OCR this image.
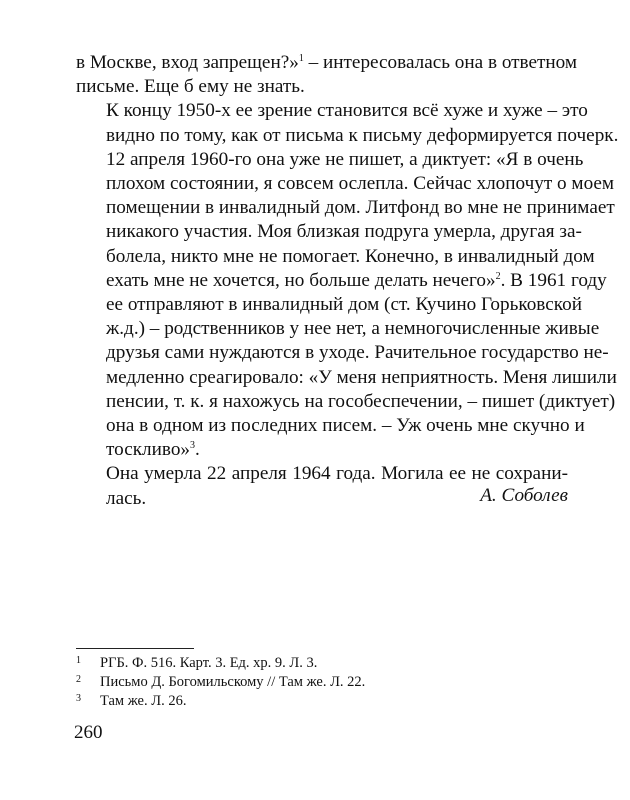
в Москве, вход запрещен?»$^1$ – интересовалась она в ответном
письме. Еще б ему не знать.

К концу 1950-х ее зрение становится всё хуже и хуже – это
видно по тому, как от письма к письму деформируется почерк.
12 апреля 1960-го она уже не пишет, а диктует: «Я в очень
плохом состоянии, я совсем ослепла. Сейчас хлопочут о моем
помещении в инвалидный дом. Литфонд во мне не принимает
никакого участия. Моя близкая подруга умерла, другая за-
болела, никто мне не помогает. Конечно, в инвалидный дом
ехать мне не хочется, но больше делать нечего»$^2$. В 1961 году
ее отправляют в инвалидный дом (ст. Кучино Горьковской
ж.д.) – родственников у нее нет, а немногочисленные живые
друзья сами нуждаются в уходе. Рачительное государство не-
медленно среагировало: «У меня неприятность. Меня лишили
пенсии, т. к. я нахожусь на гособеспечении, – пишет (диктует)
она в одном из последних писем. – Уж очень мне скучно и
тоскливо»$^3$.

Она умерла 22 апреля 1964 года. Могила ее не сохрани-
лась.	А. Соболев
1	РГБ. Ф. 516. Карт. 3. Ед. хр. 9. Л. 3.
2	Письмо Д. Богомильскому // Там же. Л. 22.
3	Там же. Л. 26.
260
